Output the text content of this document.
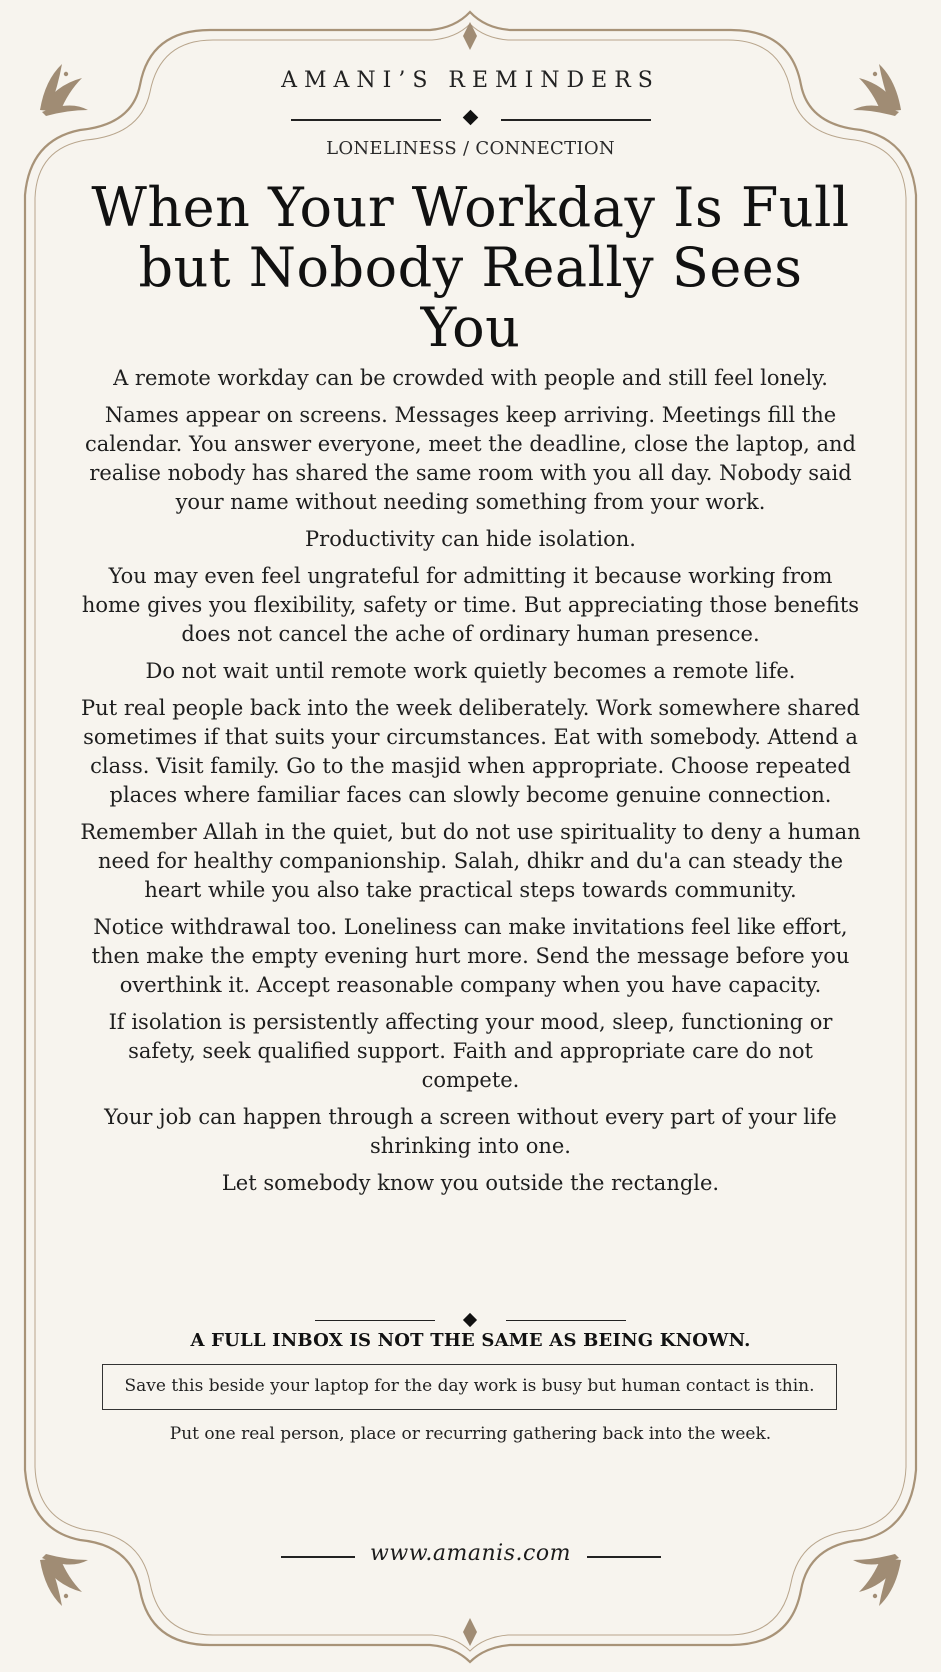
AMANI’S REMINDERS
LONELINESS / CONNECTION
When Your Workday Is Full but Nobody Really Sees You

A remote workday can be crowded with people and still feel lonely.

Names appear on screens. Messages keep arriving. Meetings fill the calendar. You answer everyone, meet the deadline, close the laptop, and realise nobody has shared the same room with you all day. Nobody said your name without needing something from your work.

Productivity can hide isolation.

You may even feel ungrateful for admitting it because working from home gives you flexibility, safety or time. But appreciating those benefits does not cancel the ache of ordinary human presence.

Do not wait until remote work quietly becomes a remote life.

Put real people back into the week deliberately. Work somewhere shared sometimes if that suits your circumstances. Eat with somebody. Attend a class. Visit family. Go to the masjid when appropriate. Choose repeated places where familiar faces can slowly become genuine connection.

Remember Allah in the quiet, but do not use spirituality to deny a human need for healthy companionship. Salah, dhikr and du'a can steady the heart while you also take practical steps towards community.

Notice withdrawal too. Loneliness can make invitations feel like effort, then make the empty evening hurt more. Send the message before you overthink it. Accept reasonable company when you have capacity.

If isolation is persistently affecting your mood, sleep, functioning or safety, seek qualified support. Faith and appropriate care do not compete.

Your job can happen through a screen without every part of your life shrinking into one.

Let somebody know you outside the rectangle.

A FULL INBOX IS NOT THE SAME AS BEING KNOWN.
Save this beside your laptop for the day work is busy but human contact is thin.
Put one real person, place or recurring gathering back into the week.
www.amanis.com
